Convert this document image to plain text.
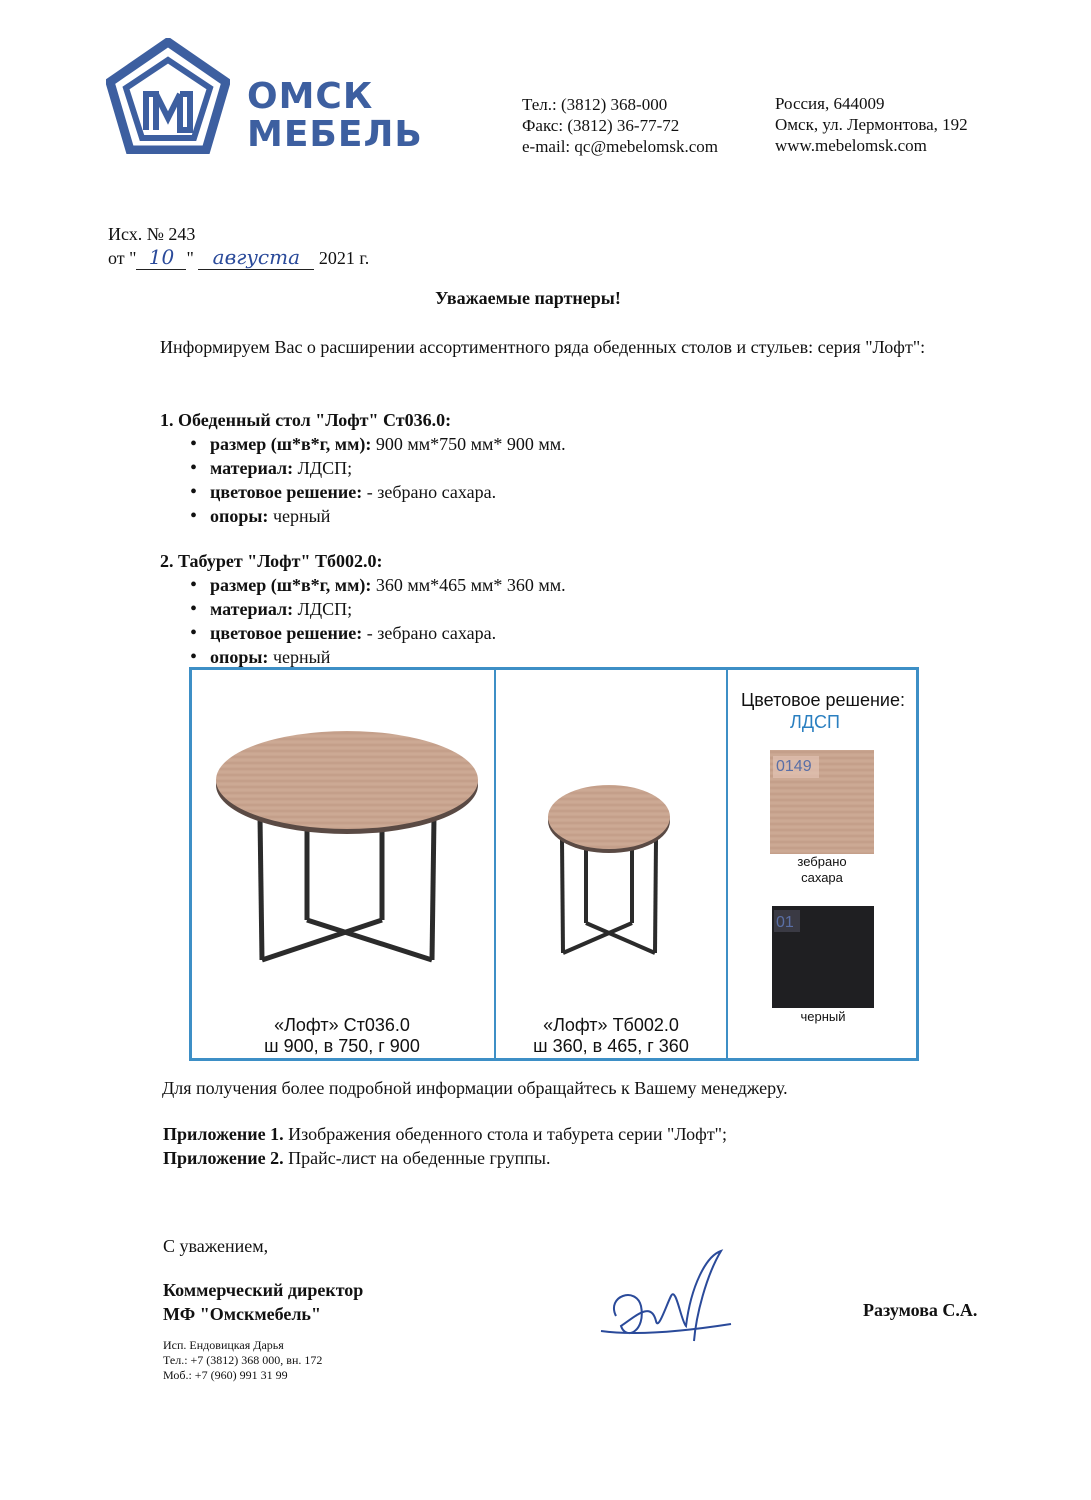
ОМСК
МЕБЕЛЬ
Тел.: (3812) 368-000
Факс: (3812) 36-77-72
e-mail: qc@mebelomsk.com
Россия, 644009
Омск, ул. Лермонтова, 192
www.mebelomsk.com
Исх. № 243
от " 10 " августа 2021 г.
Уважаемые партнеры!
Информируем Вас о расширении ассортиментного ряда обеденных столов и стульев: серия "Лофт":
1. Обеденный стол "Лофт" Ст036.0:
• размер (ш*в*г, мм): 900 мм*750 мм* 900 мм.
• материал: ЛДСП;
• цветовое решение: - зебрано сахара.
• опоры: черный
2. Табурет "Лофт" Тб002.0:
• размер (ш*в*г, мм): 360 мм*465 мм* 360 мм.
• материал: ЛДСП;
• цветовое решение: - зебрано сахара.
• опоры: черный
«Лофт» Ст036.0
ш 900, в 750, г 900
«Лофт» Тб002.0
ш 360, в 465, г 360
Цветовое решение:
ЛДСП
0149
зебрано
сахара
01
черный
Для получения более подробной информации обращайтесь к Вашему менеджеру.
Приложение 1. Изображения обеденного стола и табурета серии "Лофт";
Приложение 2. Прайс-лист на обеденные группы.
С уважением,
Коммерческий директор
МФ "Омскмебель"	Разумова С.А.
Исп. Ендовицкая Дарья
Тел.: +7 (3812) 368 000, вн. 172
Моб.: +7 (960) 991 31 99
